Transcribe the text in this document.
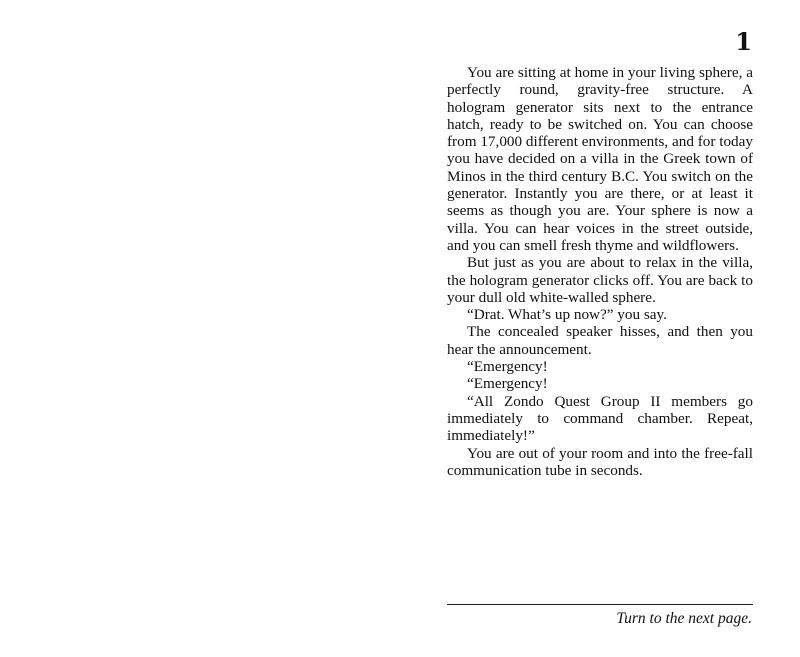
1

You are sitting at home in your living sphere, a perfectly round, gravity-free structure. A hologram generator sits next to the entrance hatch, ready to be switched on. You can choose from 17,000 different environments, and for today you have decided on a villa in the Greek town of Minos in the third century B.C. You switch on the generator. Instantly you are there, or at least it seems as though you are. Your sphere is now a villa. You can hear voices in the street outside, and you can smell fresh thyme and wildflowers.

But just as you are about to relax in the villa, the hologram generator clicks off. You are back to your dull old white-walled sphere.

“Drat. What’s up now?” you say.

The concealed speaker hisses, and then you hear the announcement.

“Emergency!

“Emergency!

“All Zondo Quest Group II members go immediately to command chamber. Repeat, immediately!”

You are out of your room and into the free-fall communication tube in seconds.

Turn to the next page.
